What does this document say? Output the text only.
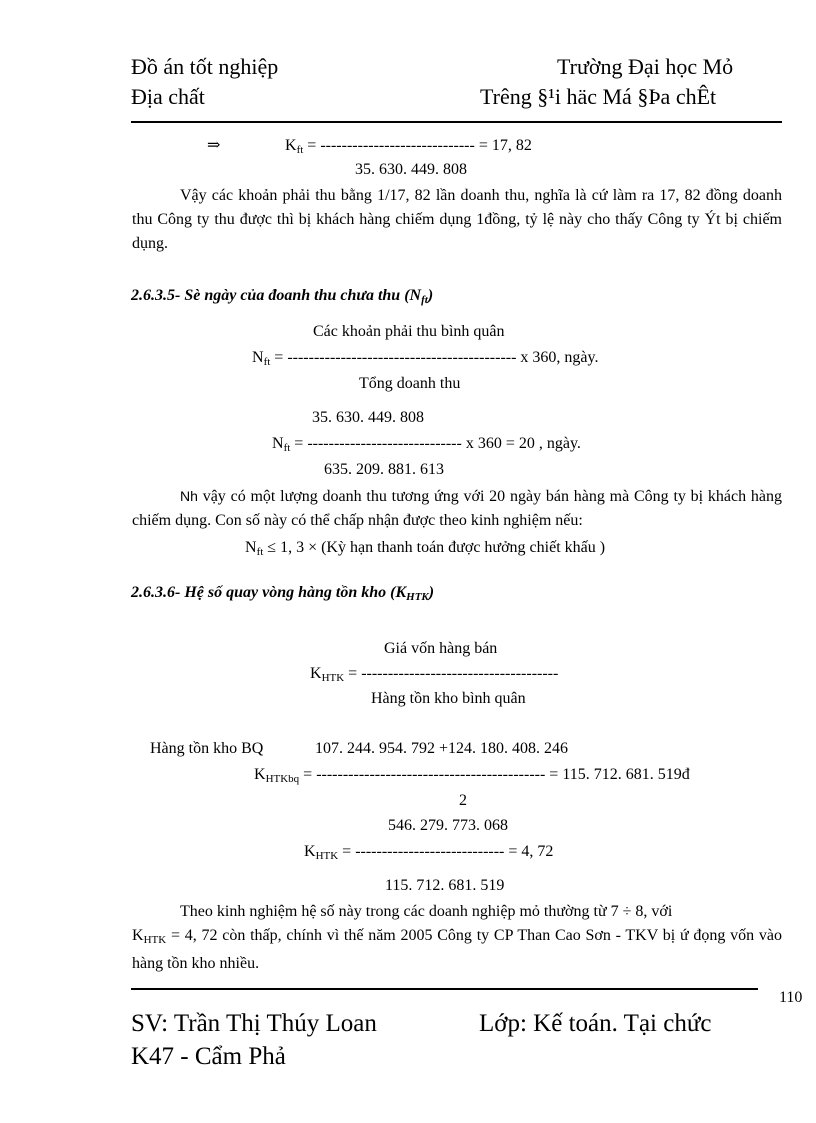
Đồ án tốt nghiệp	Trường Đại học Mỏ
Địa chất	Trêng §¹i häc Má §Þa chÊt
⇒	$K_{ft}$ = ----------------------------- = 17, 82
35. 630. 449. 808
Vậy các khoản phải thu bằng 1/17, 82 lần doanh thu, nghĩa là cứ làm ra 17, 82 đồng doanh thu Công ty thu được thì bị khách hàng chiếm dụng 1đồng, tỷ lệ này cho thấy Công ty Ýt bị chiếm dụng.
2.6.3.5- Sè ngày của đoanh thu chưa thu $(N_{ft})$
Các khoản phải thu bình quân
$N_{ft}$ = ------------------------------------------- x 360, ngày.
Tổng doanh thu
35. 630. 449. 808
$N_{ft}$ = ----------------------------- x 360 = 20 , ngày.
635. 209. 881. 613
Nh vậy có một lượng doanh thu tương ứng với 20 ngày bán hàng mà Công ty bị khách hàng chiếm dụng. Con số này có thể chấp nhận được theo kinh nghiệm nếu:
$N_{ft} \le 1$, 3 × (Kỳ hạn thanh toán được hưởng chiết khấu )
2.6.3.6- Hệ số quay vòng hàng tồn kho $(K_{HTK})$
Giá vốn hàng bán
$K_{HTK}$ = -------------------------------------
Hàng tồn kho bình quân
Hàng tồn kho BQ	107. 244. 954. 792 +124. 180. 408. 246
$K_{HTKbq}$ = ------------------------------------------- = 115. 712. 681. 519đ
2
546. 279. 773. 068
$K_{HTK}$ = ---------------------------- = 4, 72
115. 712. 681. 519
Theo kinh nghiệm hệ số này trong các doanh nghiệp mỏ thường từ 7 ÷ 8, với
$K_{HTK} = 4$, 72 còn thấp, chính vì thế năm 2005 Công ty CP Than Cao Sơn - TKV bị ứ đọng vốn vào hàng tồn kho nhiều.
110
SV: Trần Thị Thúy Loan	Lớp: Kế toán. Tại chức
K47 - Cẩm Phả
